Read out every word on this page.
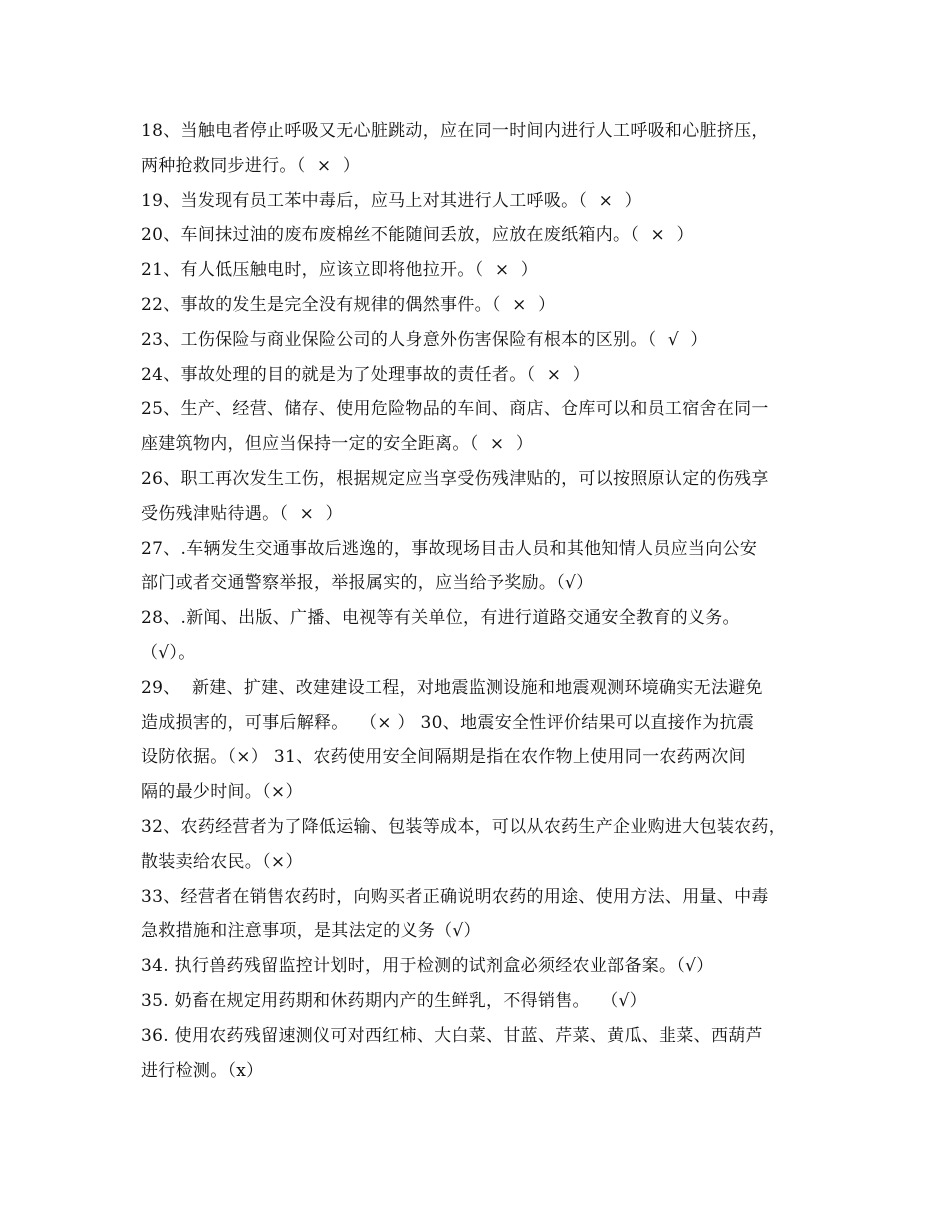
18、当触电者停止呼吸又无心脏跳动，应在同一时间内进行人工呼吸和心脏挤压，
两种抢救同步进行。（  ×  ）
19、当发现有员工苯中毒后，应马上对其进行人工呼吸。（  ×  ）
20、车间抹过油的废布废棉丝不能随间丢放，应放在废纸箱内。（  ×  ）
21、有人低压触电时，应该立即将他拉开。（  ×  ）
22、事故的发生是完全没有规律的偶然事件。（  ×  ）
23、工伤保险与商业保险公司的人身意外伤害保险有根本的区别。（  √  ）
24、事故处理的目的就是为了处理事故的责任者。（  ×  ）
25、生产、经营、储存、使用危险物品的车间、商店、仓库可以和员工宿舍在同一
座建筑物内，但应当保持一定的安全距离。（  ×  ）
26、职工再次发生工伤，根据规定应当享受伤残津贴的，可以按照原认定的伤残享
受伤残津贴待遇。（  ×  ）
27、.车辆发生交通事故后逃逸的，事故现场目击人员和其他知情人员应当向公安
部门或者交通警察举报，举报属实的，应当给予奖励。（√）
28、.新闻、出版、广播、电视等有关单位，有进行道路交通安全教育的义务。
（√）。
29、  新建、扩建、改建建设工程，对地震监测设施和地震观测环境确实无法避免
造成损害的，可事后解释。  （× ） 30、地震安全性评价结果可以直接作为抗震
设防依据。（×） 31、农药使用安全间隔期是指在农作物上使用同一农药两次间
隔的最少时间。（×）
32、农药经营者为了降低运输、包装等成本，可以从农药生产企业购进大包装农药，
散装卖给农民。（×）
33、经营者在销售农药时，向购买者正确说明农药的用途、使用方法、用量、中毒
急救措施和注意事项，是其法定的义务（√）
34. 执行兽药残留监控计划时，用于检测的试剂盒必须经农业部备案。（√）
35. 奶畜在规定用药期和休药期内产的生鲜乳，不得销售。  （√）
36. 使用农药残留速测仪可对西红柿、大白菜、甘蓝、芹菜、黄瓜、韭菜、西葫芦
进行检测。（x）
